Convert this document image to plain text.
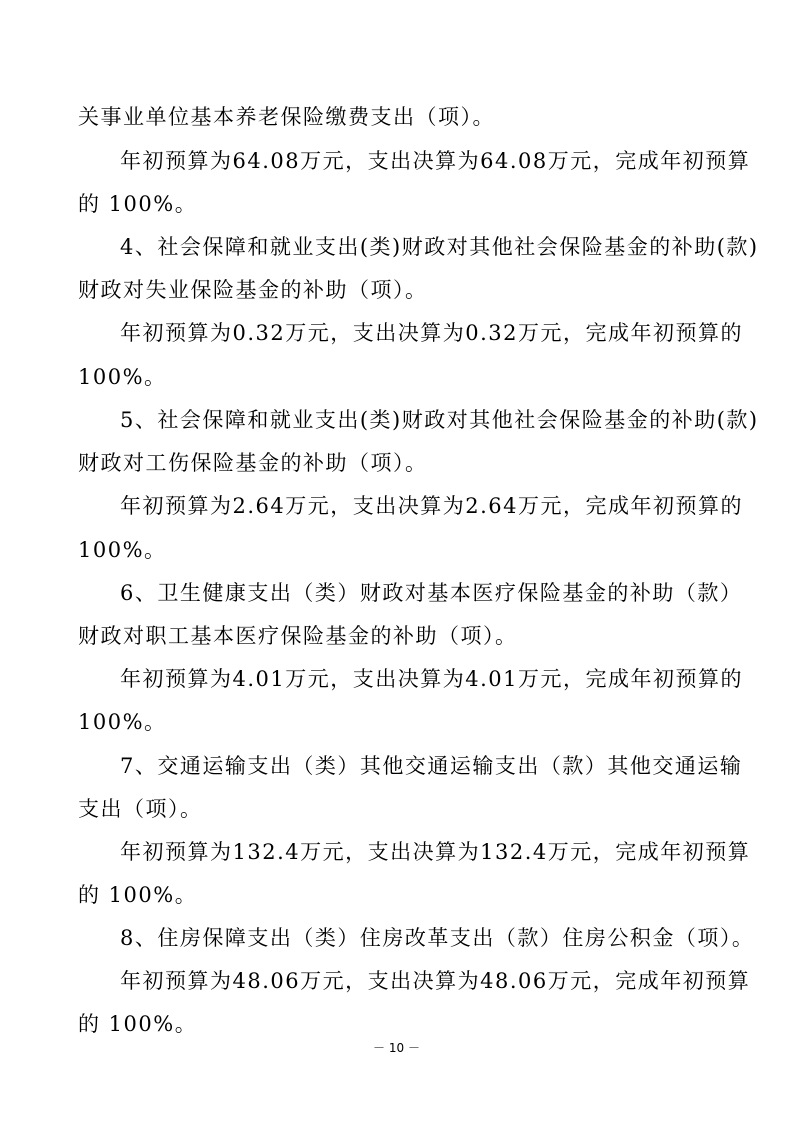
关事业单位基本养老保险缴费支出（项）。
年初预算为64.08万元，支出决算为64.08万元，完成年初预算
的 100%。
4、社会保障和就业支出(类)财政对其他社会保险基金的补助(款)
财政对失业保险基金的补助（项）。
年初预算为0.32万元，支出决算为0.32万元，完成年初预算的
100%。
5、社会保障和就业支出(类)财政对其他社会保险基金的补助(款)
财政对工伤保险基金的补助（项）。
年初预算为2.64万元，支出决算为2.64万元，完成年初预算的
100%。
6、卫生健康支出（类）财政对基本医疗保险基金的补助（款）
财政对职工基本医疗保险基金的补助（项）。
年初预算为4.01万元，支出决算为4.01万元，完成年初预算的
100%。
7、交通运输支出（类）其他交通运输支出（款）其他交通运输
支出（项）。
年初预算为132.4万元，支出决算为132.4万元，完成年初预算
的 100%。
8、住房保障支出（类）住房改革支出（款）住房公积金（项）。
年初预算为48.06万元，支出决算为48.06万元，完成年初预算
的 100%。
－ 10 －
